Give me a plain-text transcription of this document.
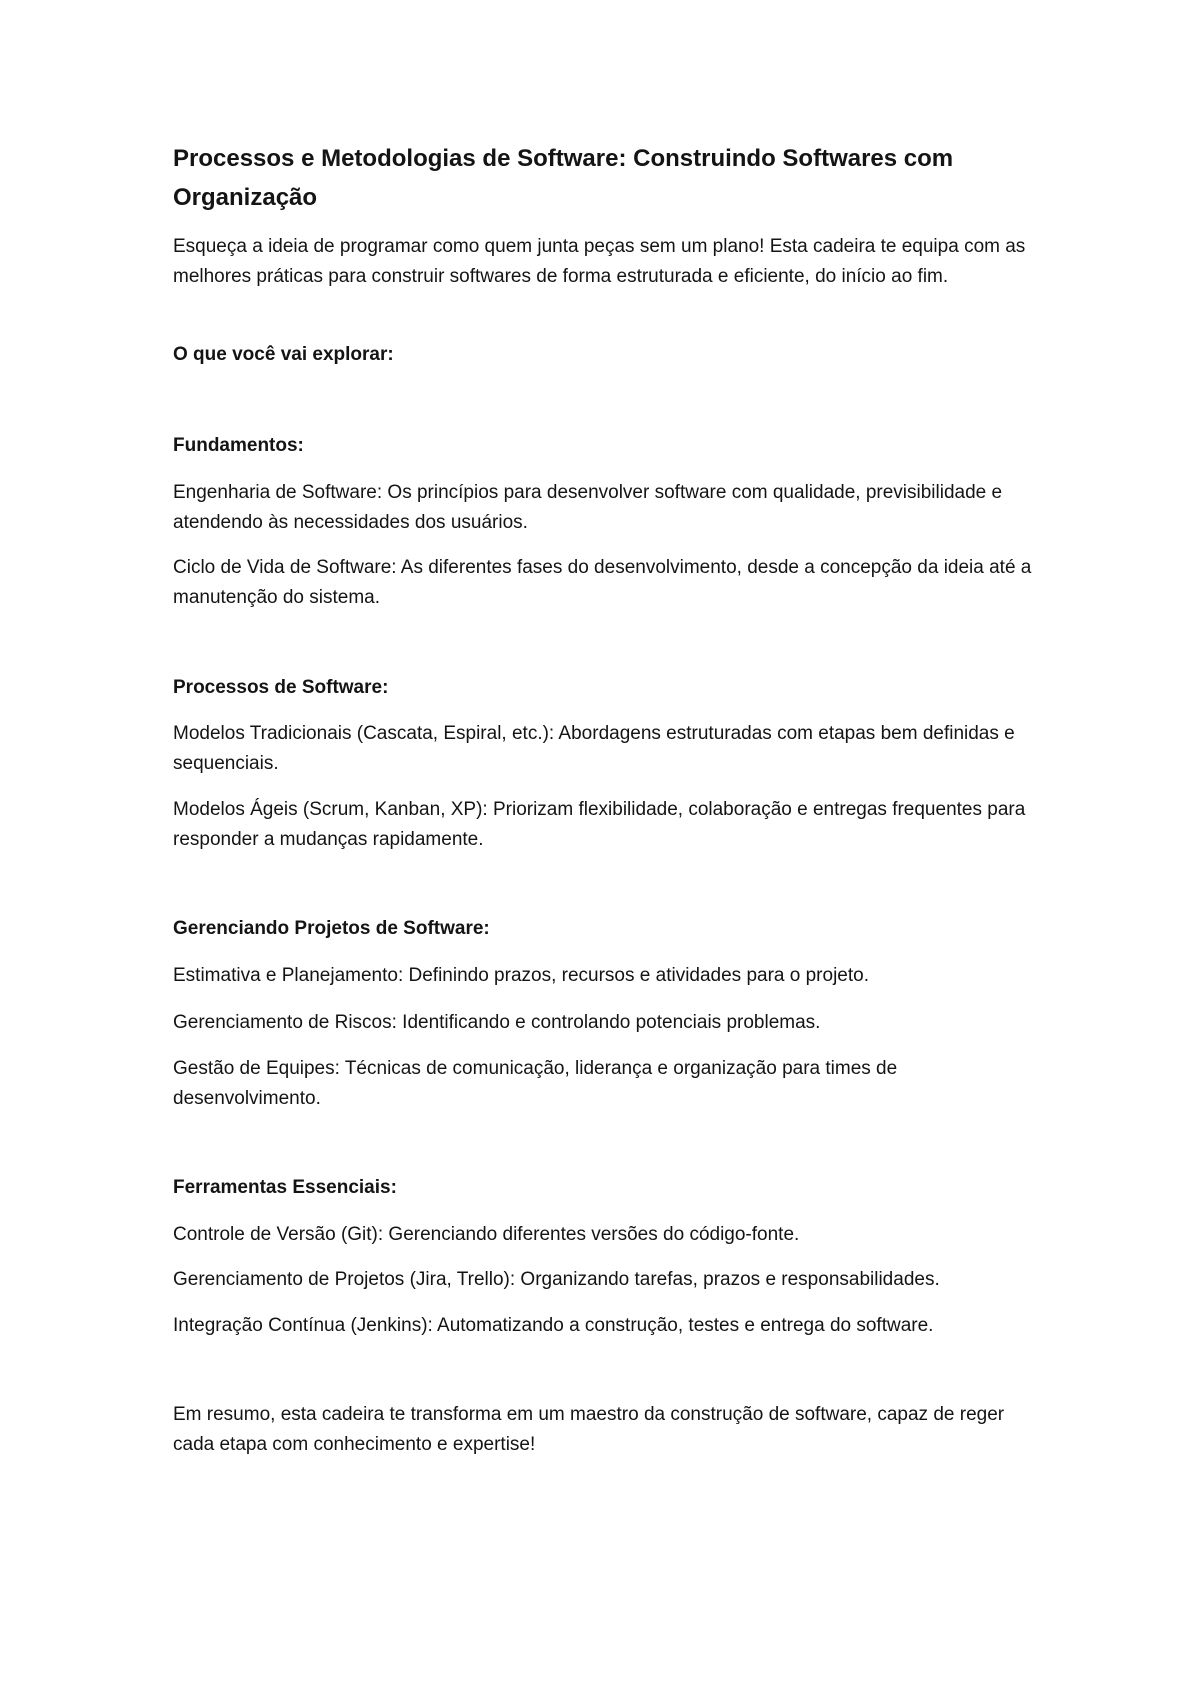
Processos e Metodologias de Software: Construindo Softwares com Organização

Esqueça a ideia de programar como quem junta peças sem um plano! Esta cadeira te equipa com as melhores práticas para construir softwares de forma estruturada e eficiente, do início ao fim.

O que você vai explorar:

Fundamentos:

Engenharia de Software: Os princípios para desenvolver software com qualidade, previsibilidade e atendendo às necessidades dos usuários.

Ciclo de Vida de Software: As diferentes fases do desenvolvimento, desde a concepção da ideia até a manutenção do sistema.

Processos de Software:

Modelos Tradicionais (Cascata, Espiral, etc.): Abordagens estruturadas com etapas bem definidas e sequenciais.

Modelos Ágeis (Scrum, Kanban, XP): Priorizam flexibilidade, colaboração e entregas frequentes para responder a mudanças rapidamente.

Gerenciando Projetos de Software:

Estimativa e Planejamento: Definindo prazos, recursos e atividades para o projeto.

Gerenciamento de Riscos: Identificando e controlando potenciais problemas.

Gestão de Equipes: Técnicas de comunicação, liderança e organização para times de desenvolvimento.

Ferramentas Essenciais:

Controle de Versão (Git): Gerenciando diferentes versões do código-fonte.

Gerenciamento de Projetos (Jira, Trello): Organizando tarefas, prazos e responsabilidades.

Integração Contínua (Jenkins): Automatizando a construção, testes e entrega do software.

Em resumo, esta cadeira te transforma em um maestro da construção de software, capaz de reger cada etapa com conhecimento e expertise!
